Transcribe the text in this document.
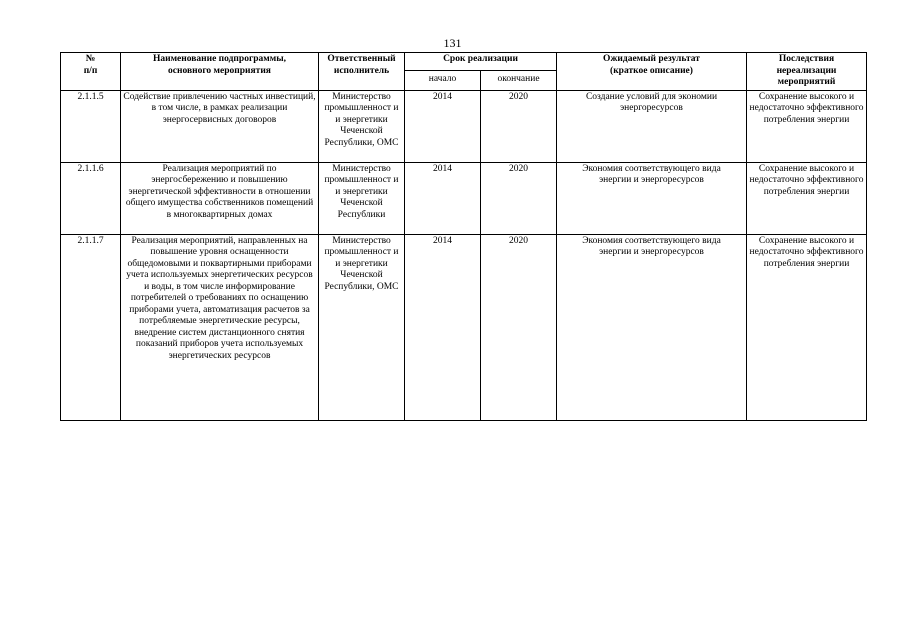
131
№
п/п	Наименование подпрограммы, основного мероприятия	Ответственный исполнитель	Срок реализации		Ожидаемый результат (краткое описание)	Последствия нереализации мероприятий
			начало	окончание		
2.1.1.5	Содействие привлечению частных инвестиций, в том числе, в рамках реализации энергосервисных договоров	Министерство промышленност и и энергетики Чеченской Республики, ОМС	2014	2020	Создание условий для экономии энергоресурсов	Сохранение высокого и недостаточно эффективного потребления энергии
2.1.1.6	Реализация мероприятий по энергосбережению и повышению энергетической эффективности в отношении общего имущества собственников помещений в многоквартирных домах	Министерство промышленност и и энергетики Чеченской Республики	2014	2020	Экономия соответствующего вида энергии и энергоресурсов	Сохранение высокого и недостаточно эффективного потребления энергии
2.1.1.7	Реализация мероприятий, направленных на повышение уровня оснащенности общедомовыми и поквартирными приборами учета используемых энергетических ресурсов и воды, в том числе информирование потребителей о требованиях по оснащению приборами учета, автоматизация расчетов за потребляемые энергетические ресурсы, внедрение систем дистанционного снятия показаний приборов учета используемых энергетических ресурсов	Министерство промышленност и и энергетики Чеченской Республики, ОМС	2014	2020	Экономия соответствующего вида энергии и энергоресурсов	Сохранение высокого и недостаточно эффективного потребления энергии
